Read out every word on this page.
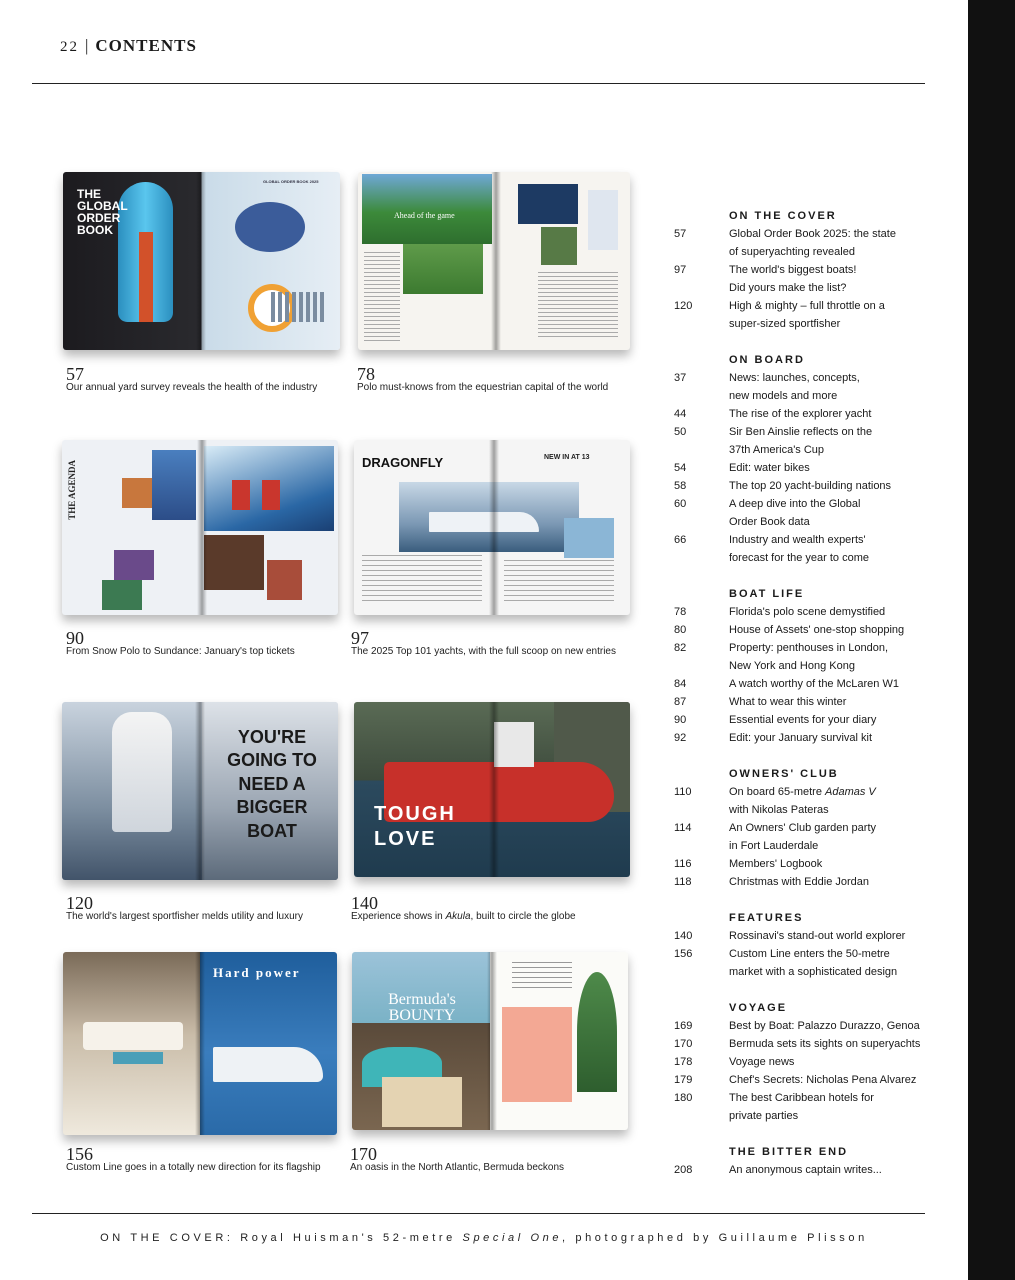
22 | CONTENTS
THE GLOBAL ORDER BOOK
GLOBAL ORDER BOOK 2025
57
Our annual yard survey reveals the health of the industry
Ahead of the game
78
Polo must-knows from the equestrian capital of the world
THE AGENDA
90
From Snow Polo to Sundance: January's top tickets
DRAGONFLY	NEW IN AT 13
97
The 2025 Top 101 yachts, with the full scoop on new entries
YOU'RE GOING TO NEED A BIGGER BOAT
120
The world's largest sportfisher melds utility and luxury
TOUGH LOVE
140
Experience shows in Akula, built to circle the globe
Hard power
156
Custom Line goes in a totally new direction for its flagship
Bermuda's BOUNTY
170
An oasis in the North Atlantic, Bermuda beckons
ON THE COVER
57	Global Order Book 2025: the state
of superyachting revealed
97	The world's biggest boats!
Did yours make the list?
120	High & mighty – full throttle on a
super-sized sportfisher
ON BOARD
37	News: launches, concepts,
new models and more
44	The rise of the explorer yacht
50	Sir Ben Ainslie reflects on the
37th America's Cup
54	Edit: water bikes
58	The top 20 yacht-building nations
60	A deep dive into the Global
Order Book data
66	Industry and wealth experts'
forecast for the year to come
BOAT LIFE
78	Florida's polo scene demystified
80	House of Assets' one-stop shopping
82	Property: penthouses in London,
New York and Hong Kong
84	A watch worthy of the McLaren W1
87	What to wear this winter
90	Essential events for your diary
92	Edit: your January survival kit
OWNERS' CLUB
110	On board 65-metre Adamas V
with Nikolas Pateras
114	An Owners' Club garden party
in Fort Lauderdale
116	Members' Logbook
118	Christmas with Eddie Jordan
FEATURES
140	Rossinavi's stand-out world explorer
156	Custom Line enters the 50-metre
market with a sophisticated design
VOYAGE
169	Best by Boat: Palazzo Durazzo, Genoa
170	Bermuda sets its sights on superyachts
178	Voyage news
179	Chef's Secrets: Nicholas Pena Alvarez
180	The best Caribbean hotels for
private parties
THE BITTER END
208	An anonymous captain writes...
ON THE COVER: Royal Huisman's 52-metre Special One, photographed by Guillaume Plisson
